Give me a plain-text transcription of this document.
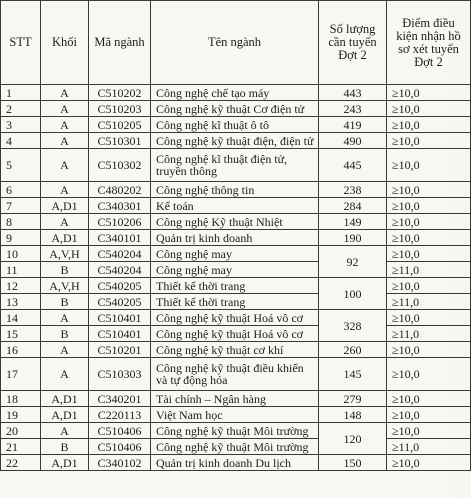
STT	Khối	Mã ngành	Tên ngành	Số lượng cần tuyển Đợt 2	Điểm điều kiện nhận hồ sơ xét tuyển Đợt 2
1	A	C510202	Công nghệ chế tạo máy	443	≥10,0
2	A	C510203	Công nghệ kỹ thuật Cơ điện tử	243	≥10,0
3	A	C510205	Công nghệ kĩ thuật ô tô	419	≥10,0
4	A	C510301	Công nghệ kỹ thuật điện, điện tử	490	≥10,0
5	A	C510302	Công nghệ kĩ thuật điện tử, truyền thông	445	≥10,0
6	A	C480202	Công nghệ thông tin	238	≥10,0
7	A,D1	C340301	Kế toán	284	≥10,0
8	A	C510206	Công nghệ Kỹ thuật Nhiệt	149	≥10,0
9	A,D1	C340101	Quản trị kinh doanh	190	≥10,0
10	A,V,H	C540204	Công nghệ may	92	≥10,0
11	B	C540204	Công nghệ may		≥11,0
12	A,V,H	C540205	Thiết kế thời trang	100	≥10,0
13	B	C540205	Thiết kế thời trang		≥11,0
14	A	C510401	Công nghệ kỹ thuật Hoá vô cơ	328	≥10,0
15	B	C510401	Công nghệ kỹ thuật Hoá vô cơ		≥11,0
16	A	C510201	Công nghệ kỹ thuật cơ khí	260	≥10,0
17	A	C510303	Công nghệ kỹ thuật điều khiển và tự động hóa	145	≥10,0
18	A,D1	C340201	Tài chính – Ngân hàng	279	≥10,0
19	A,D1	C220113	Việt Nam học	148	≥10,0
20	A	C510406	Công nghệ kỹ thuật Môi trường	120	≥10,0
21	B	C510406	Công nghệ kỹ thuật Môi trường		≥11,0
22	A,D1	C340102	Quản trị kinh doanh Du lịch	150	≥10,0
